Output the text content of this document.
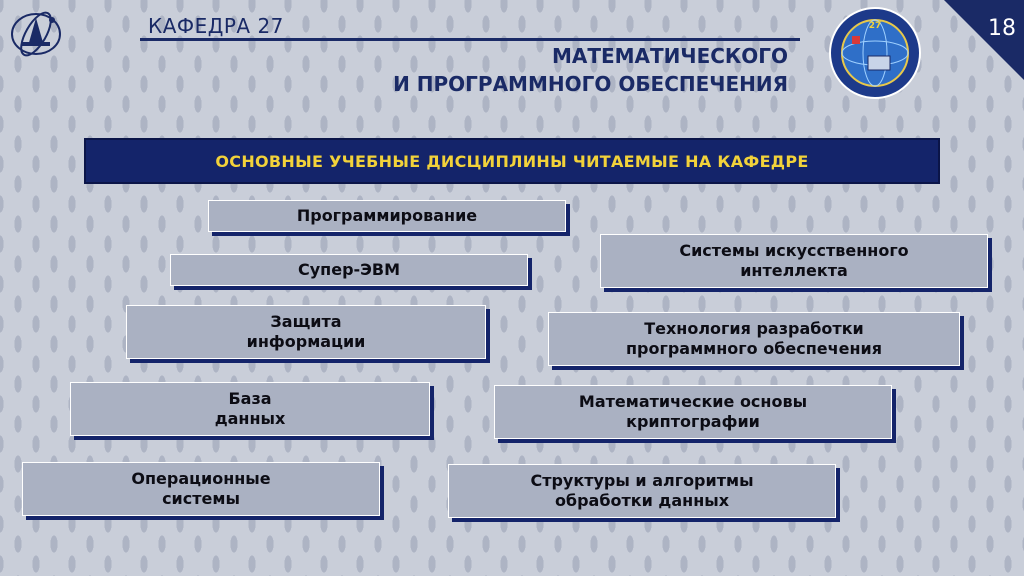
КАФЕДРА 27
МАТЕМАТИЧЕСКОГО
И ПРОГРАММНОГО ОБЕСПЕЧЕНИЯ
27	18
ОСНОВНЫЕ УЧЕБНЫЕ ДИСЦИПЛИНЫ ЧИТАЕМЫЕ НА КАФЕДРЕ
Программирование
Супер-ЭВМ
Защита
информации
База
данных
Операционные
системы
Системы искусственного
интеллекта
Технология разработки
программного обеспечения
Математические основы
криптографии
Структуры и алгоритмы
обработки данных
